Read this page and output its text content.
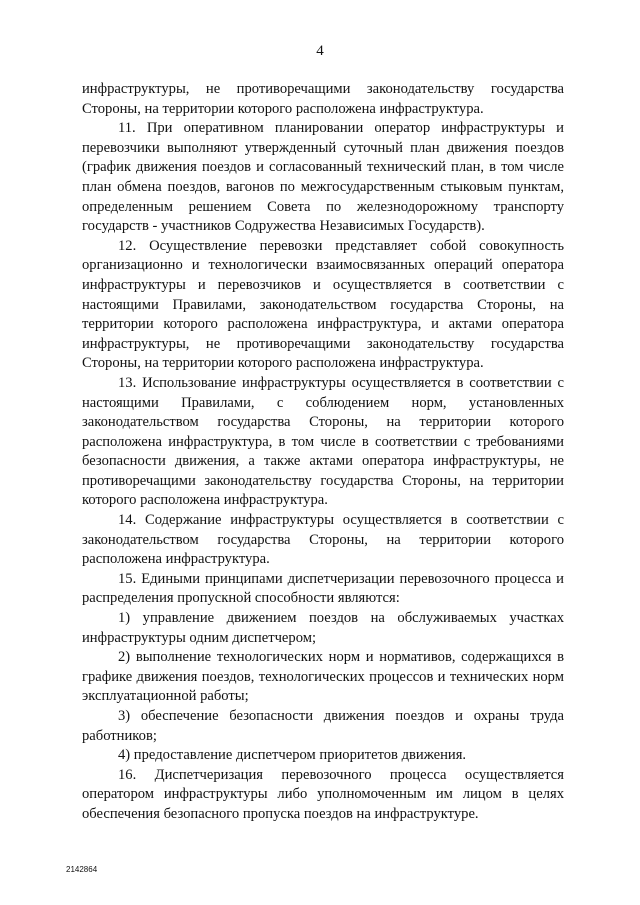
4

инфраструктуры, не противоречащими законодательству государства Стороны, на территории которого расположена инфраструктура.

11. При оперативном планировании оператор инфраструктуры и перевозчики выполняют утвержденный суточный план движения поездов (график движения поездов и согласованный технический план, в том числе план обмена поездов, вагонов по межгосударственным стыковым пунктам, определенным решением Совета по железнодорожному транспорту государств - участников Содружества Независимых Государств).

12. Осуществление перевозки представляет собой совокупность организационно и технологически взаимосвязанных операций оператора инфраструктуры и перевозчиков и осуществляется в соответствии с настоящими Правилами, законодательством государства Стороны, на территории которого расположена инфраструктура, и актами оператора инфраструктуры, не противоречащими законодательству государства Стороны, на территории которого расположена инфраструктура.

13. Использование инфраструктуры осуществляется в соответствии с настоящими Правилами, с соблюдением норм, установленных законодательством государства Стороны, на территории которого расположена инфраструктура, в том числе в соответствии с требованиями безопасности движения, а также актами оператора инфраструктуры, не противоречащими законодательству государства Стороны, на территории которого расположена инфраструктура.

14. Содержание инфраструктуры осуществляется в соответствии с законодательством государства Стороны, на территории которого расположена инфраструктура.

15. Едиными принципами диспетчеризации перевозочного процесса и распределения пропускной способности являются:

1) управление движением поездов на обслуживаемых участках инфраструктуры одним диспетчером;

2) выполнение технологических норм и нормативов, содержащихся в графике движения поездов, технологических процессов и технических норм эксплуатационной работы;

3) обеспечение безопасности движения поездов и охраны труда работников;

4) предоставление диспетчером приоритетов движения.

16. Диспетчеризация перевозочного процесса осуществляется оператором инфраструктуры либо уполномоченным им лицом в целях обеспечения безопасного пропуска поездов на инфраструктуре.

2142864
